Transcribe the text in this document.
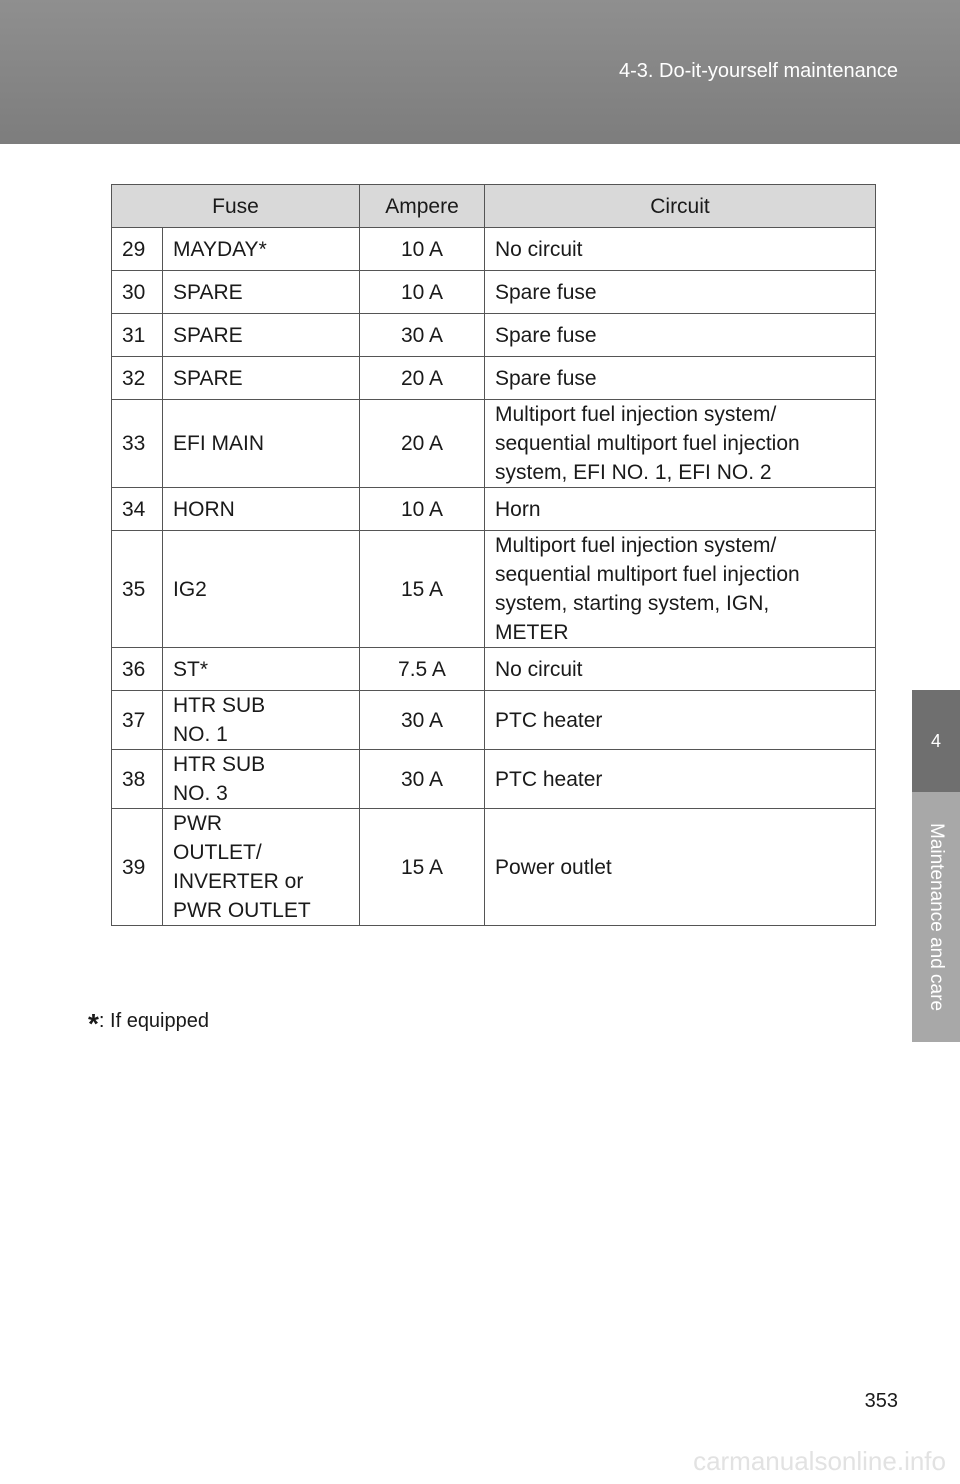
4-3. Do-it-yourself maintenance
4
Maintenance and care
Fuse		Ampere	Circuit
29	MAYDAY*	10 A	No circuit
30	SPARE	10 A	Spare fuse
31	SPARE	30 A	Spare fuse
32	SPARE	20 A	Spare fuse
33	EFI MAIN	20 A	Multiport fuel injection system/
sequential multiport fuel injection
system, EFI NO. 1, EFI NO. 2
34	HORN	10 A	Horn
35	IG2	15 A	Multiport fuel injection system/
sequential multiport fuel injection
system, starting system, IGN,
METER
36	ST*	7.5 A	No circuit
37	HTR SUB
NO. 1	30 A	PTC heater
38	HTR SUB
NO. 3	30 A	PTC heater
39	PWR
OUTLET/
INVERTER or
PWR OUTLET	15 A	Power outlet
*: If equipped
353
carmanualsonline.info
